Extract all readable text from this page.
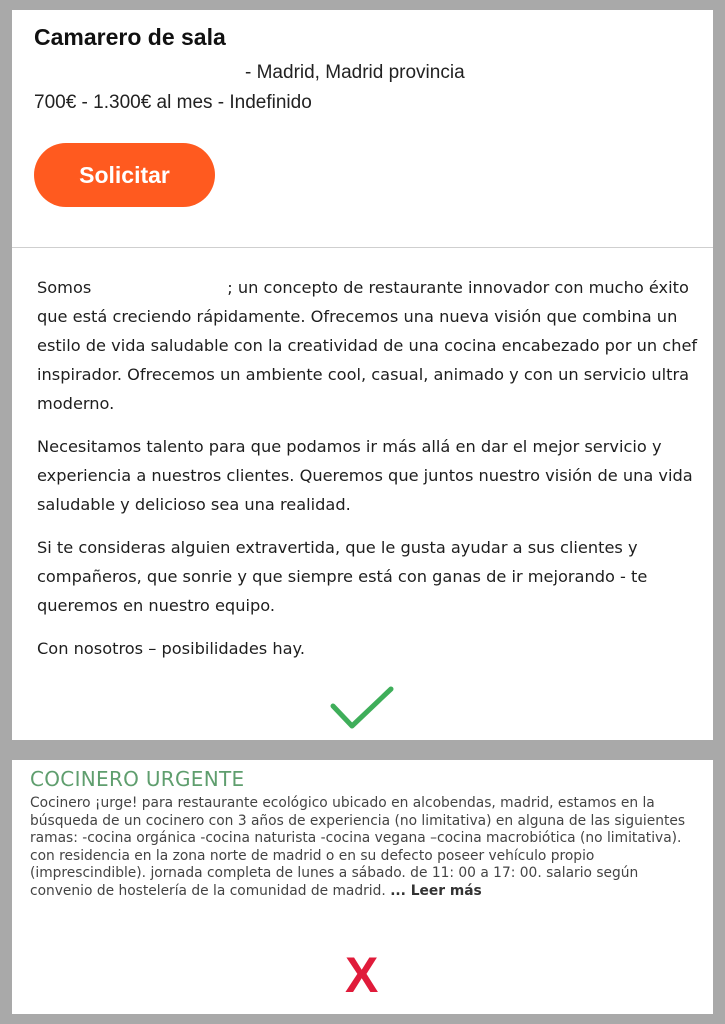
Camarero de sala
- Madrid, Madrid provincia
700€ - 1.300€ al mes - Indefinido
Solicitar

Somos	; un concepto de restaurante innovador con mucho éxito que está creciendo rápidamente. Ofrecemos una nueva visión que combina un estilo de vida saludable con la creatividad de una cocina encabezado por un chef inspirador. Ofrecemos un ambiente cool, casual, animado y con un servicio ultra moderno.

Necesitamos talento para que podamos ir más allá en dar el mejor servicio y experiencia a nuestros clientes. Queremos que juntos nuestro visión de una vida saludable y delicioso sea una realidad.

Si te consideras alguien extravertida, que le gusta ayudar a sus clientes y compañeros, que sonrie y que siempre está con ganas de ir mejorando - te queremos en nuestro equipo.

Con nosotros – posibilidades hay.

COCINERO URGENTE
Cocinero ¡urge! para restaurante ecológico ubicado en alcobendas, madrid, estamos en la búsqueda de un cocinero con 3 años de experiencia (no limitativa) en alguna de las siguientes ramas: -cocina orgánica -cocina naturista -cocina vegana –cocina macrobiótica (no limitativa). con residencia en la zona norte de madrid o en su defecto poseer vehículo propio (imprescindible). jornada completa de lunes a sábado. de 11: 00 a 17: 00. salario según convenio de hostelería de la comunidad de madrid. ... Leer más
X
